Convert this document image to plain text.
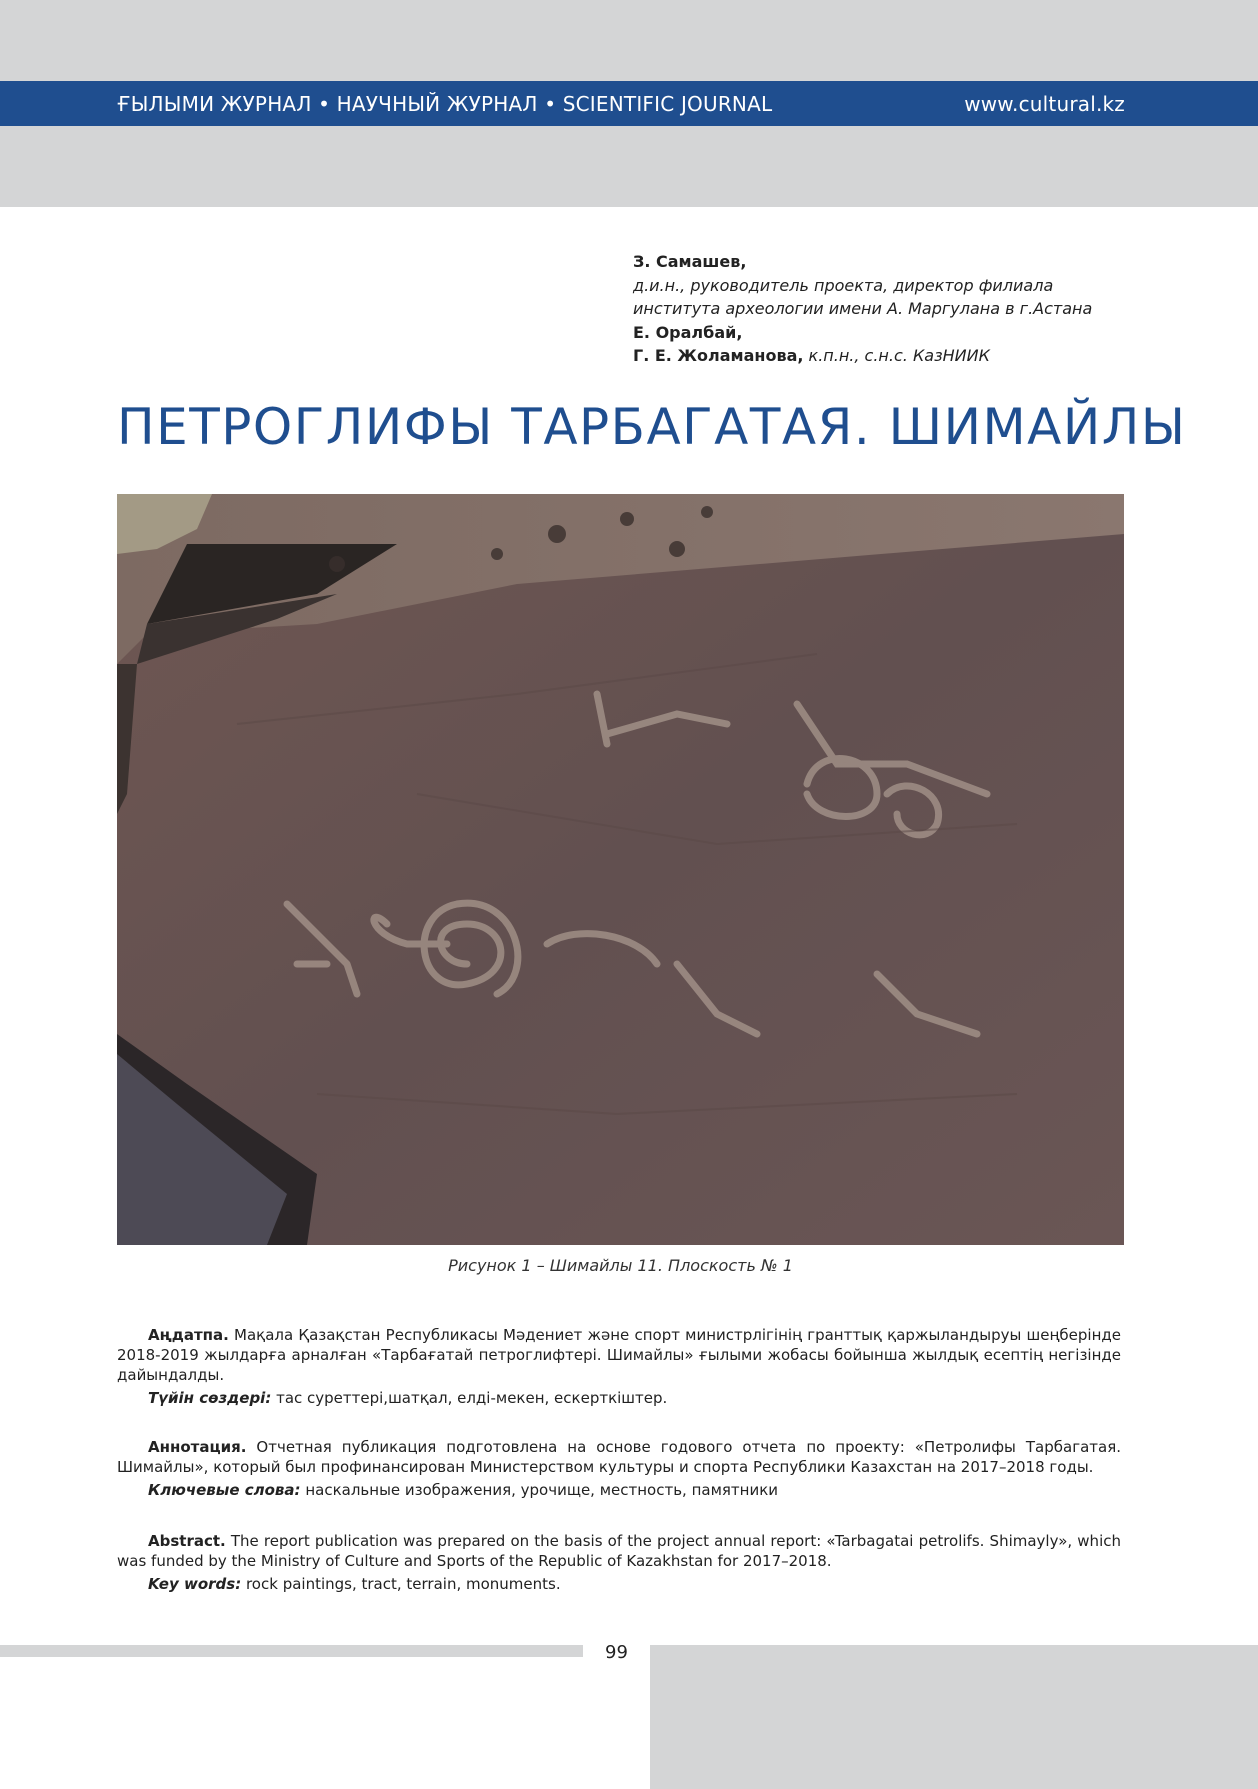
ҒЫЛЫМИ ЖУРНАЛ • НАУЧНЫЙ ЖУРНАЛ • SCIENTIFIC JOURNAL	www.cultural.kz
З. Самашев,
д.и.н., руководитель проекта, директор филиала
института археологии имени А. Маргулана в г.Астана
Е. Оралбай,
Г. Е. Жоламанова, к.п.н., с.н.с. КазНИИК
ПЕТРОГЛИФЫ ТАРБАГАТАЯ. ШИМАЙЛЫ
Рисунок 1 – Шимайлы 11. Плоскость № 1

Аңдатпа. Мақала Қазақстан Республикасы Мәдениет және спорт министрлігінің гранттық қаржыландыруы шеңберінде 2018-2019 жылдарға арналған «Тарбағатай петроглифтері. Шимайлы» ғылыми жобасы бойынша жылдық есептің негізінде дайындалды.

Түйін сөздері: тас суреттері,шатқал, елді-мекен, ескерткіштер.

Аннотация. Отчетная публикация подготовлена на основе годового отчета по проекту: «Петролифы Тарбагатая. Шимайлы», который был профинансирован Министерством культуры и спорта Республики Казахстан на 2017–2018 годы.

Ключевые слова: наскальные изображения, урочище, местность, памятники

Abstract. The report publication was prepared on the basis of the project annual report: «Tarbagatai petrolifs. Shimayly», which was funded by the Ministry of Culture and Sports of the Republic of Kazakhstan for 2017–2018.

Key words: rock paintings, tract, terrain, monuments.

99
